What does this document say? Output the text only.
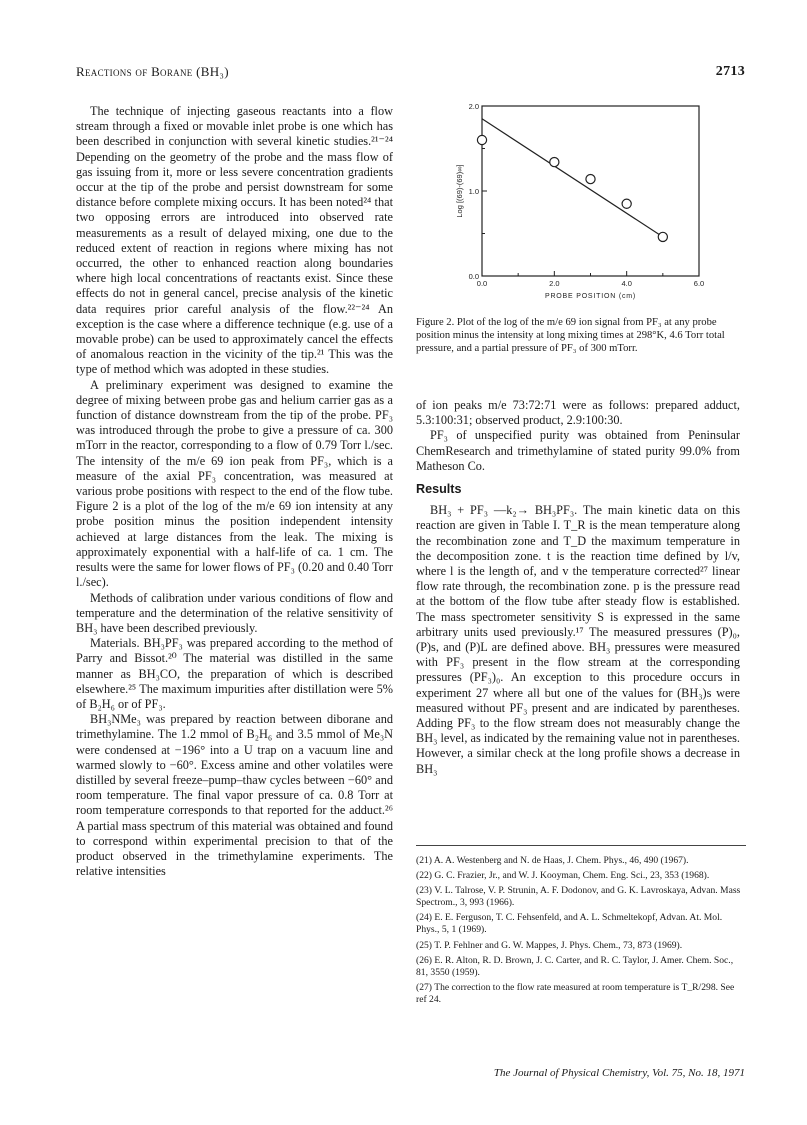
Reactions of Borane (BH₃)	2713

The technique of injecting gaseous reactants into a flow stream through a fixed or movable inlet probe is one which has been described in conjunction with several kinetic studies.²¹⁻²⁴ Depending on the geometry of the probe and the mass flow of gas issuing from it, more or less severe concentration gradients occur at the tip of the probe and persist downstream for some distance before complete mixing occurs. It has been noted²⁴ that two opposing errors are introduced into observed rate measurements as a result of delayed mixing, one due to the reduced extent of reaction in regions where mixing has not occurred, the other to enhanced reaction along boundaries where high local concentrations of reactants exist. Since these effects do not in general cancel, precise analysis of the kinetic data requires prior careful analysis of the flow.²²⁻²⁴ An exception is the case where a difference technique (e.g. use of a movable probe) can be used to approximately cancel the effects of anomalous reaction in the vicinity of the tip.²¹ This was the type of method which was adopted in these studies.

A preliminary experiment was designed to examine the degree of mixing between probe gas and helium carrier gas as a function of distance downstream from the tip of the probe. PF₃ was introduced through the probe to give a pressure of ca. 300 mTorr in the reactor, corresponding to a flow of 0.79 Torr l./sec. The intensity of the m/e 69 ion peak from PF₃, which is a measure of the axial PF₃ concentration, was measured at various probe positions with respect to the end of the flow tube. Figure 2 is a plot of the log of the m/e 69 ion intensity at any probe position minus the position independent intensity achieved at large distances from the leak. The mixing is approximately exponential with a half-life of ca. 1 cm. The results were the same for lower flows of PF₃ (0.20 and 0.40 Torr l./sec).

Methods of calibration under various conditions of flow and temperature and the determination of the relative sensitivity of BH₃ have been described previously.

Materials. BH₃PF₃ was prepared according to the method of Parry and Bissot.²⁰ The material was distilled in the same manner as BH₃CO, the preparation of which is described elsewhere.²⁵ The maximum impurities after distillation were 5% of B₂H₆ or of PF₃.

BH₃NMe₃ was prepared by reaction between diborane and trimethylamine. The 1.2 mmol of B₂H₆ and 3.5 mmol of Me₃N were condensed at −196° into a U trap on a vacuum line and warmed slowly to −60°. Excess amine and other volatiles were distilled by several freeze–pump–thaw cycles between −60° and room temperature. The final vapor pressure of ca. 0.8 Torr at room temperature corresponds to that reported for the adduct.²⁶ A partial mass spectrum of this material was obtained and found to correspond within experimental precision to that of the product observed in the trimethylamine experiments. The relative intensities

0.0	2.0	4.0	6.0
0.0
1.0
2.0
PROBE POSITION (cm)
Log [(69)-(69)∞]
Figure 2. Plot of the log of the m/e 69 ion signal from PF₃ at any probe position minus the intensity at long mixing times at 298°K, 4.6 Torr total pressure, and a partial pressure of PF₃ of 300 mTorr.

of ion peaks m/e 73:72:71 were as follows: prepared adduct, 5.3:100:31; observed product, 2.9:100:30.

PF₃ of unspecified purity was obtained from Peninsular ChemResearch and trimethylamine of stated purity 99.0% from Matheson Co.

Results

BH₃ + PF₃ —k₂→ BH₃PF₃. The main kinetic data on this reaction are given in Table I. T_R is the mean temperature along the recombination zone and T_D the maximum temperature in the decomposition zone. t is the reaction time defined by l/v, where l is the length of, and v the temperature corrected²⁷ linear flow rate through, the recombination zone. p is the pressure read at the bottom of the flow tube after steady flow is established. The mass spectrometer sensitivity S is expressed in the same arbitrary units used previously.¹⁷ The measured pressures (P)₀, (P)s, and (P)L are defined above. BH₃ pressures were measured with PF₃ present in the flow stream at the corresponding pressures (PF₃)₀. An exception to this procedure occurs in experiment 27 where all but one of the values for (BH₃)s were measured without PF₃ present and are indicated by parentheses. Adding PF₃ to the flow stream does not measurably change the BH₃ level, as indicated by the remaining value not in parentheses. However, a similar check at the long profile shows a decrease in BH₃

(21) A. A. Westenberg and N. de Haas, J. Chem. Phys., 46, 490 (1967).
(22) G. C. Frazier, Jr., and W. J. Kooyman, Chem. Eng. Sci., 23, 353 (1968).
(23) V. L. Talrose, V. P. Strunin, A. F. Dodonov, and G. K. Lavroskaya, Advan. Mass Spectrom., 3, 993 (1966).
(24) E. E. Ferguson, T. C. Fehsenfeld, and A. L. Schmeltekopf, Advan. At. Mol. Phys., 5, 1 (1969).
(25) T. P. Fehlner and G. W. Mappes, J. Phys. Chem., 73, 873 (1969).
(26) E. R. Alton, R. D. Brown, J. C. Carter, and R. C. Taylor, J. Amer. Chem. Soc., 81, 3550 (1959).
(27) The correction to the flow rate measured at room temperature is T_R/298. See ref 24.
The Journal of Physical Chemistry, Vol. 75, No. 18, 1971
